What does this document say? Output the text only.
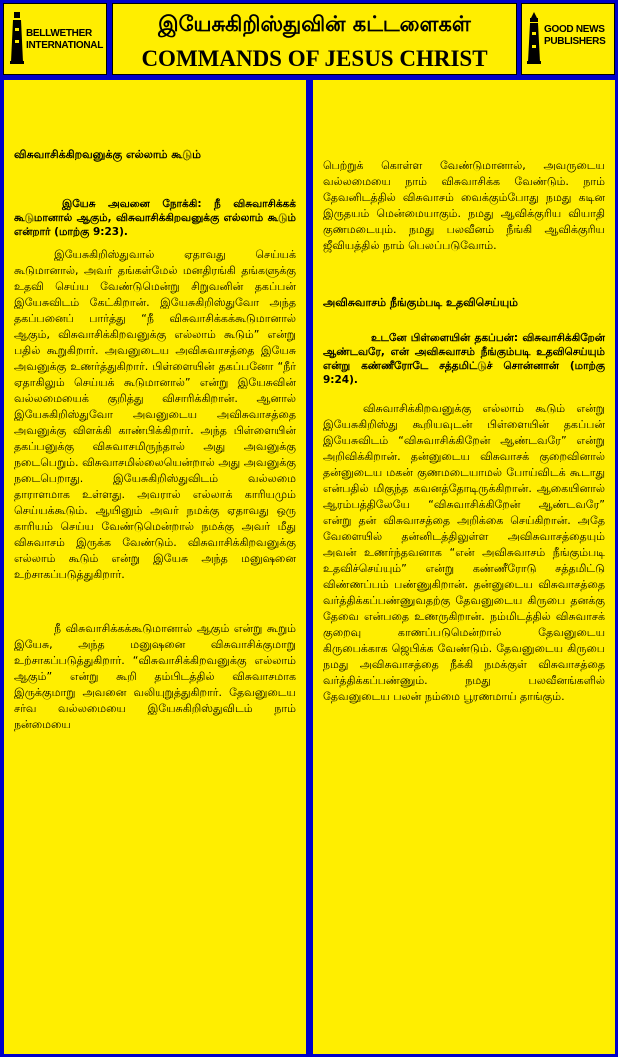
BELLWETHER
INTERNATIONAL
இயேசுகிறிஸ்துவின் கட்டளைகள்
COMMANDS OF JESUS CHRIST
GOOD NEWS
PUBLISHERS

விசுவாசிக்கிறவனுக்கு எல்லாம் கூடும்

இயேசு அவனை நோக்கி: நீ விசுவாசிக்கக் கூடுமானால் ஆகும், விசுவாசிக்கிறவனுக்கு எல்லாம் கூடும் என்றார் (மாற்கு 9:23).

இயேசுகிறிஸ்துவால் ஏதாவது செய்யக் கூடுமானால், அவர் தங்கள்மேல் மனதிரங்கி தங்களுக்கு உதவி செய்ய வேண்டுமென்று சிறுவனின் தகப்பன் இயேசுவிடம் கேட்கிறான். இயேசுகிறிஸ்துவோ அந்த தகப்பனைப் பார்த்து “நீ விசுவாசிக்கக்கூடுமானால் ஆகும், விசுவாசிக்கிறவனுக்கு எல்லாம் கூடும்” என்று பதில் கூறுகிறார். அவனுடைய அவிசுவாசத்தை இயேசு அவனுக்கு உணர்த்துகிறார். பிள்ளையின் தகப்பனோ “நீர் ஏதாகிலும் செய்யக் கூடுமானால்” என்று இயேசுவின் வல்லமையைக் குறித்து விசாரிக்கிறான். ஆனால் இயேசுகிறிஸ்துவோ அவனுடைய அவிசுவாசத்தை அவனுக்கு விளக்கி காண்பிக்கிறார். அந்த பிள்ளையின் தகப்பனுக்கு விசுவாசமிருந்தால் அது அவனுக்கு நடைபெறும். விசுவாசமில்லையென்றால் அது அவனுக்கு நடைபெறாது. இயேசுகிறிஸ்துவிடம் வல்லமை தாராளமாக உள்ளது. அவரால் எல்லாக் காரியமும் செய்யக்கூடும். ஆயினும் அவர் நமக்கு ஏதாவது ஒரு காரியம் செய்ய வேண்டுமென்றால் நமக்கு அவர் மீது விசுவாசம் இருக்க வேண்டும். விசுவாசிக்கிறவனுக்கு எல்லாம் கூடும் என்று இயேசு அந்த மனுஷனை உற்சாகப்படுத்துகிறார்.

நீ விசுவாசிக்கக்கூடுமானால் ஆகும் என்று கூறும் இயேசு, அந்த மனுஷனை விசுவாசிக்குமாறு உற்சாகப்படுத்துகிறார். “விசுவாசிக்கிறவனுக்கு எல்லாம் ஆகும்” என்று கூறி தம்பிடத்தில் விசுவாசமாக இருக்குமாறு அவனை வலியுறுத்துகிறார். தேவனுடைய சர்வ வல்லமையை இயேசுகிறிஸ்துவிடம் நாம் நன்மையை

பெற்றுக் கொள்ள வேண்டுமானால், அவருடைய வல்லமையை நாம் விசுவாசிக்க வேண்டும். நாம் தேவனிடத்தில் விசுவாசம் வைக்கும்போது நமது கடின இருதயம் மென்மையாகும். நமது ஆவிக்குரிய வியாதி குணமடையும். நமது பலவீனம் நீங்கி ஆவிக்குரிய ஜீவியத்தில் நாம் பெலப்படுவோம்.

அவிசுவாசம் நீங்கும்படி உதவிசெய்யும்

உடனே பிள்ளையின் தகப்பன்: விசுவாசிக்கிறேன் ஆண்டவரே, என் அவிசுவாசம் நீங்கும்படி உதவிசெய்யும் என்று கண்ணீரோடே சத்தமிட்டுச் சொன்னான் (மாற்கு 9:24).

விசுவாசிக்கிறவனுக்கு எல்லாம் கூடும் என்று இயேசுகிறிஸ்து கூறியவுடன் பிள்ளையின் தகப்பன் இயேசுவிடம் “விசுவாசிக்கிறேன் ஆண்டவரே” என்று அறிவிக்கிறான். தன்னுடைய விசுவாசக் குறைவினால் தன்னுடைய மகன் குணமடையாமல் போய்விடக் கூடாது என்பதில் மிகுந்த கவனத்தோடிருக்கிறான். ஆகையினால் ஆரம்பத்திலேயே “விசுவாசிக்கிறேன் ஆண்டவரே” என்று தன் விசுவாசத்தை அறிக்கை செய்கிறான். அதே வேளையில் தன்னிடத்திலுள்ள அவிசுவாசத்தையும் அவன் உணர்ந்தவனாக “என் அவிசுவாசம் நீங்கும்படி உதவிச்செய்யும்” என்று கண்ணீரோடு சத்தமிட்டு விண்ணப்பம் பண்ணுகிறான். தன்னுடைய விசுவாசத்தை வர்த்திக்கப்பண்ணுவதற்கு தேவனுடைய கிருபை தனக்கு தேவை என்பதை உணருகிறான். நம்மிடத்தில் விசுவாசக் குறைவு காணப்படுமென்றால் தேவனுடைய கிருபைக்காக ஜெபிக்க வேண்டும். தேவனுடைய கிருபை நமது அவிசுவாசத்தை நீக்கி நமக்குள் விசுவாசத்தை வர்த்திக்கப்பண்ணும். நமது பலவீனங்களில் தேவனுடைய பலன் நம்மை பூரணமாய் தாங்கும்.
